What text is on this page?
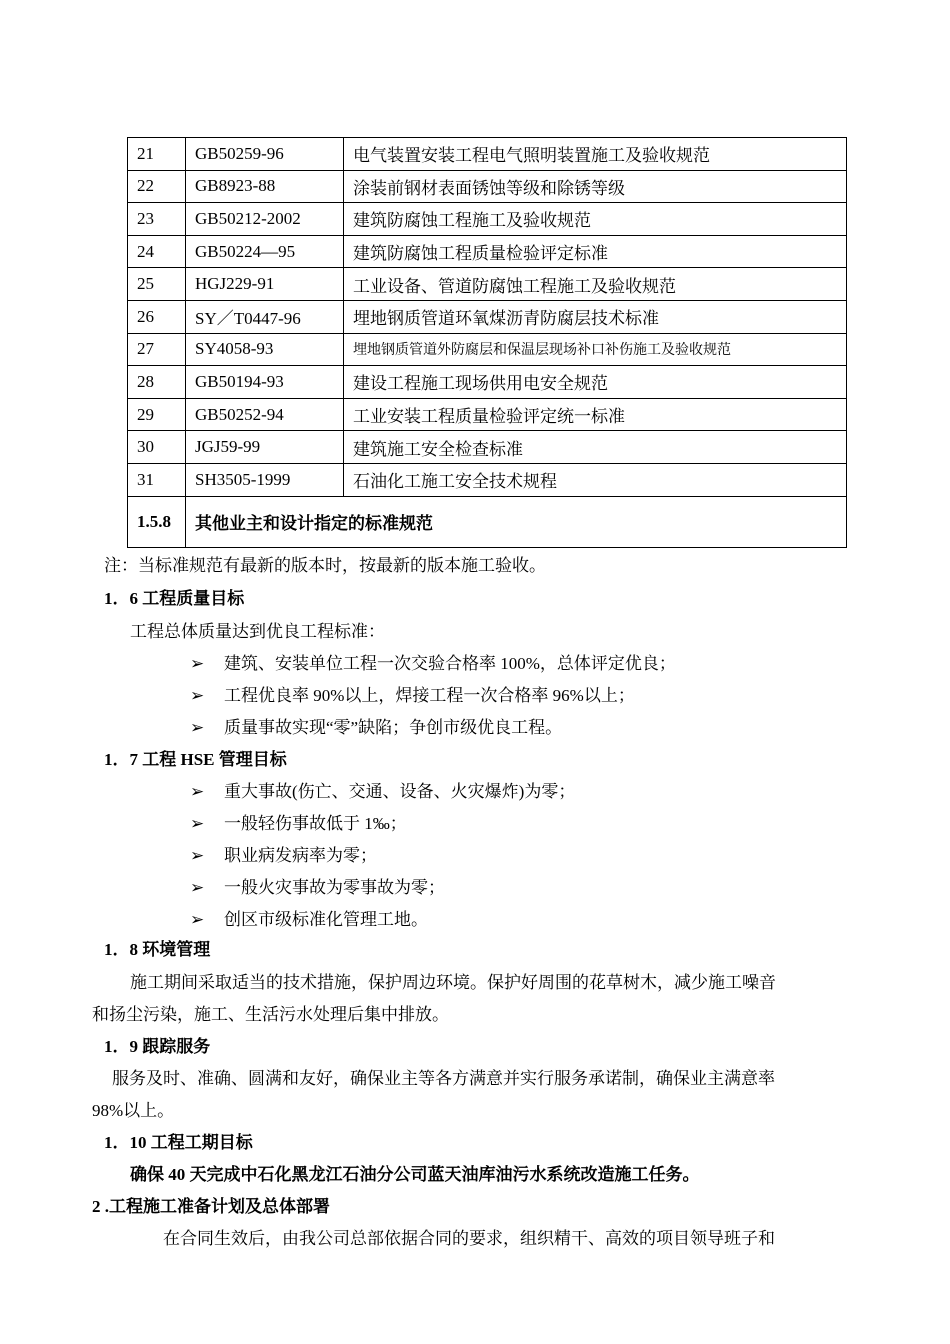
21	GB50259-96	电气装置安装工程电气照明装置施工及验收规范
22	GB8923-88	涂装前钢材表面锈蚀等级和除锈等级
23	GB50212-2002	建筑防腐蚀工程施工及验收规范
24	GB50224—95	建筑防腐蚀工程质量检验评定标准
25	HGJ229-91	工业设备、管道防腐蚀工程施工及验收规范
26	SY／T0447-96	埋地钢质管道环氧煤沥青防腐层技术标准
27	SY4058-93	埋地钢质管道外防腐层和保温层现场补口补伤施工及验收规范
28	GB50194-93	建设工程施工现场供用电安全规范
29	GB50252-94	工业安装工程质量检验评定统一标准
30	JGJ59-99	建筑施工安全检查标准
31	SH3505-1999	石油化工施工安全技术规程
1.5.8	其他业主和设计指定的标准规范	
注：当标准规范有最新的版本时，按最新的版本施工验收。
1．6 工程质量目标
工程总体质量达到优良工程标准：
➢ 建筑、安装单位工程一次交验合格率 100%，总体评定优良；
➢ 工程优良率 90%以上，焊接工程一次合格率 96%以上；
➢ 质量事故实现“零”缺陷；争创市级优良工程。
1．7 工程 HSE 管理目标
➢ 重大事故(伤亡、交通、设备、火灾爆炸)为零；
➢ 一般轻伤事故低于 1‰；
➢ 职业病发病率为零；
➢ 一般火灾事故为零事故为零；
➢ 创区市级标准化管理工地。
1．8 环境管理
施工期间采取适当的技术措施，保护周边环境。保护好周围的花草树木，减少施工噪音
和扬尘污染，施工、生活污水处理后集中排放。
1．9 跟踪服务
服务及时、准确、圆满和友好，确保业主等各方满意并实行服务承诺制，确保业主满意率
98%以上。
1．10 工程工期目标
确保 40 天完成中石化黑龙江石油分公司蓝天油库油污水系统改造施工任务。
2 .工程施工准备计划及总体部署
在合同生效后，由我公司总部依据合同的要求，组织精干、高效的项目领导班子和
